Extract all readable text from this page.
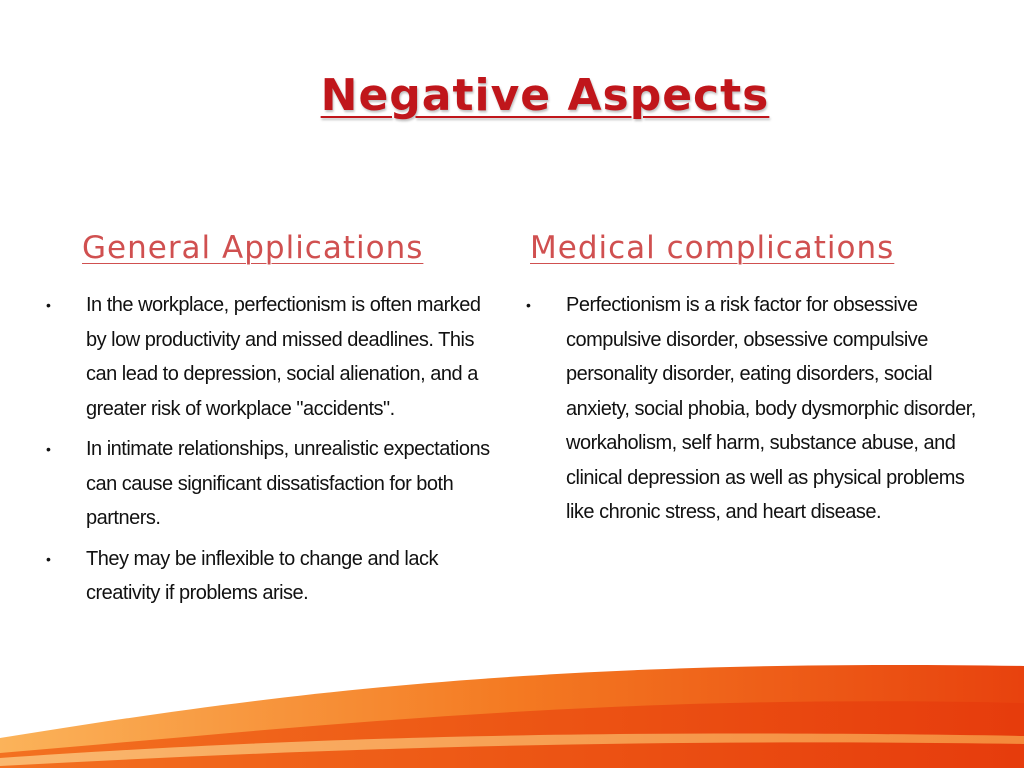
Negative Aspects
General Applications	Medical complications
• In the workplace, perfectionism is often marked by low productivity and missed deadlines. This can lead to depression, social alienation, and a greater risk of workplace "accidents".
• In intimate relationships, unrealistic expectations can cause significant dissatisfaction for both partners.
• They may be inflexible to change and lack creativity if problems arise.
• Perfectionism is a risk factor for obsessive compulsive disorder, obsessive compulsive personality disorder, eating disorders, social anxiety, social phobia, body dysmorphic disorder, workaholism, self harm, substance abuse, and clinical depression as well as physical problems like chronic stress, and heart disease.
